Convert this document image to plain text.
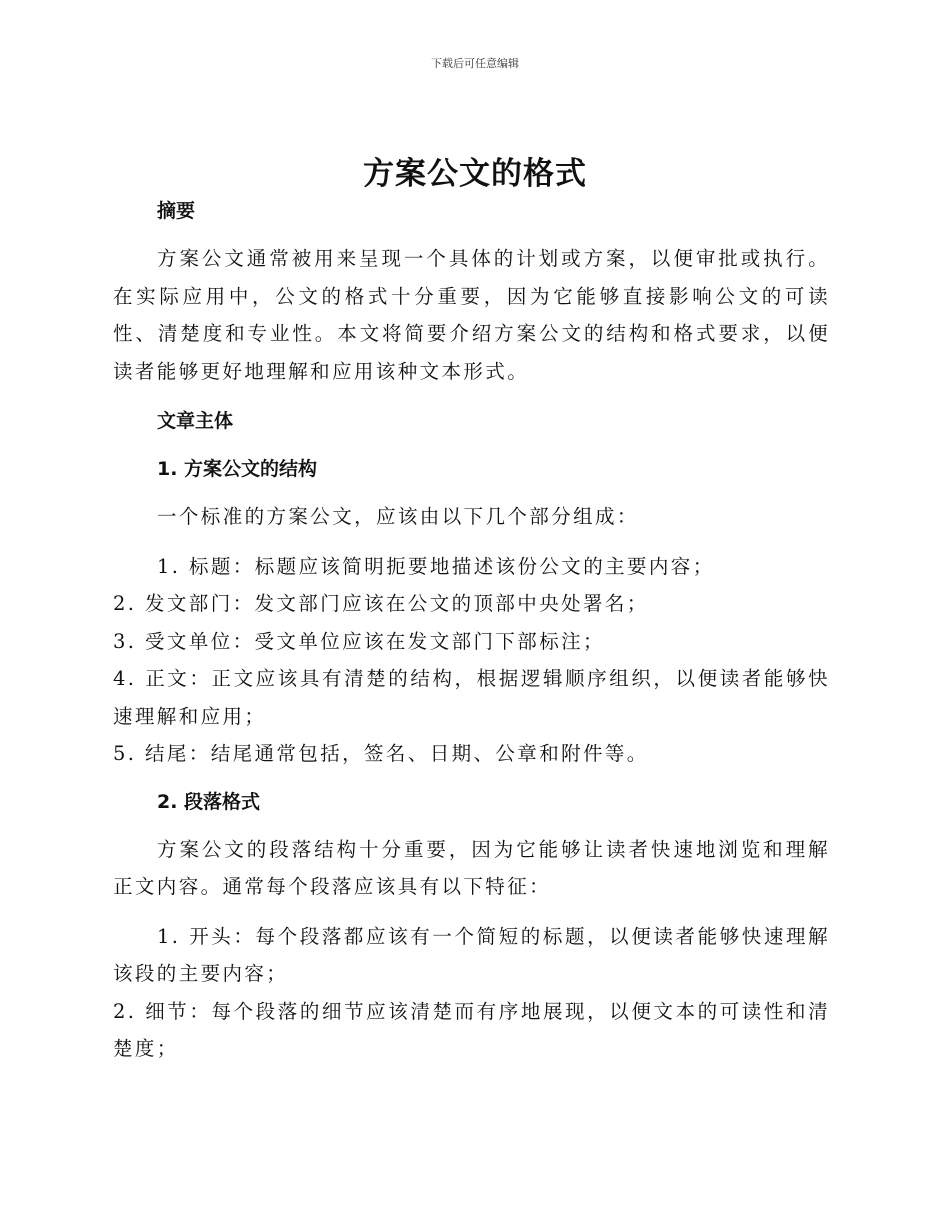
下载后可任意编辑
方案公文的格式

摘要

方案公文通常被用来呈现一个具体的计划或方案，以便审批或执行。在实际应用中，公文的格式十分重要，因为它能够直接影响公文的可读性、清楚度和专业性。本文将简要介绍方案公文的结构和格式要求，以便读者能够更好地理解和应用该种文本形式。

文章主体

1. 方案公文的结构

一个标准的方案公文，应该由以下几个部分组成：

1. 标题：标题应该简明扼要地描述该份公文的主要内容；

2. 发文部门：发文部门应该在公文的顶部中央处署名；

3. 受文单位：受文单位应该在发文部门下部标注；

4. 正文：正文应该具有清楚的结构，根据逻辑顺序组织，以便读者能够快速理解和应用；

5. 结尾：结尾通常包括，签名、日期、公章和附件等。

2. 段落格式

方案公文的段落结构十分重要，因为它能够让读者快速地浏览和理解正文内容。通常每个段落应该具有以下特征：

1. 开头：每个段落都应该有一个简短的标题，以便读者能够快速理解该段的主要内容；

2. 细节：每个段落的细节应该清楚而有序地展现，以便文本的可读性和清楚度；
